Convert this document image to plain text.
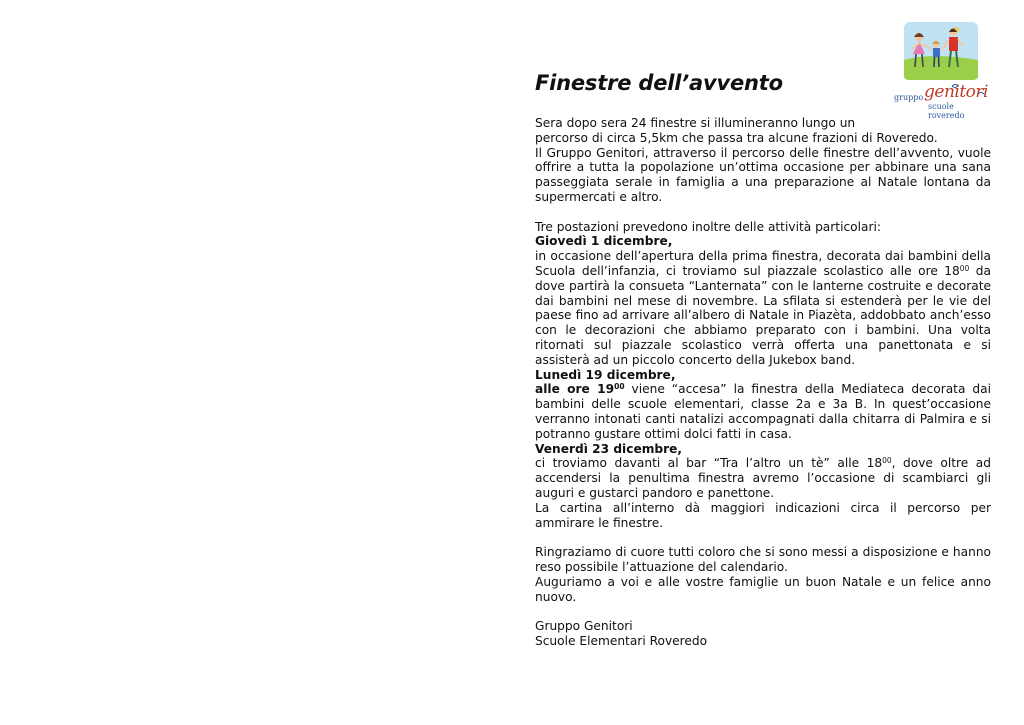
gruppo genitori
scuole roveredo
Finestre dell’avvento

Sera dopo sera 24 finestre si illumineranno lungo un

percorso di circa 5,5km che passa tra alcune frazioni di Roveredo.

Il Gruppo Genitori, attraverso il percorso delle finestre dell’avvento, vuole offrire a tutta la popolazione un’ottima occasione per abbinare una sana passeggiata serale in famiglia a una preparazione al Natale lontana da supermercati e altro.

Tre postazioni prevedono inoltre delle attività particolari:

Giovedì 1 dicembre,

in occasione dell’apertura della prima finestra, decorata dai bambini della Scuola dell’infanzia, ci troviamo sul piazzale scolastico alle ore $18^{00}$ da dove partirà la consueta “Lanternata” con le lanterne costruite e decorate dai bambini nel mese di novembre. La sfilata si estenderà per le vie del paese fino ad arrivare all’albero di Natale in Piazèta, addobbato anch’esso con le decorazioni che abbiamo preparato con i bambini. Una volta ritornati sul piazzale scolastico verrà offerta una panettonata e si assisterà ad un piccolo concerto della Jukebox band.

Lunedì 19 dicembre,

alle ore $19^{00}$ viene “accesa” la finestra della Mediateca decorata dai bambini delle scuole elementari, classe 2a e 3a B. In quest’occasione verranno intonati canti natalizi accompagnati dalla chitarra di Palmira e si potranno gustare ottimi dolci fatti in casa.

Venerdì 23 dicembre,

ci troviamo davanti al bar “Tra l’altro un tè” alle $18^{00}$, dove oltre ad accendersi la penultima finestra avremo l’occasione di scambiarci gli auguri e gustarci pandoro e panettone.

La cartina all’interno dà maggiori indicazioni circa il percorso per ammirare le finestre.

Ringraziamo di cuore tutti coloro che si sono messi a disposizione e hanno reso possibile l’attuazione del calendario.

Auguriamo a voi e alle vostre famiglie un buon Natale e un felice anno nuovo.

Gruppo Genitori

Scuole Elementari Roveredo
